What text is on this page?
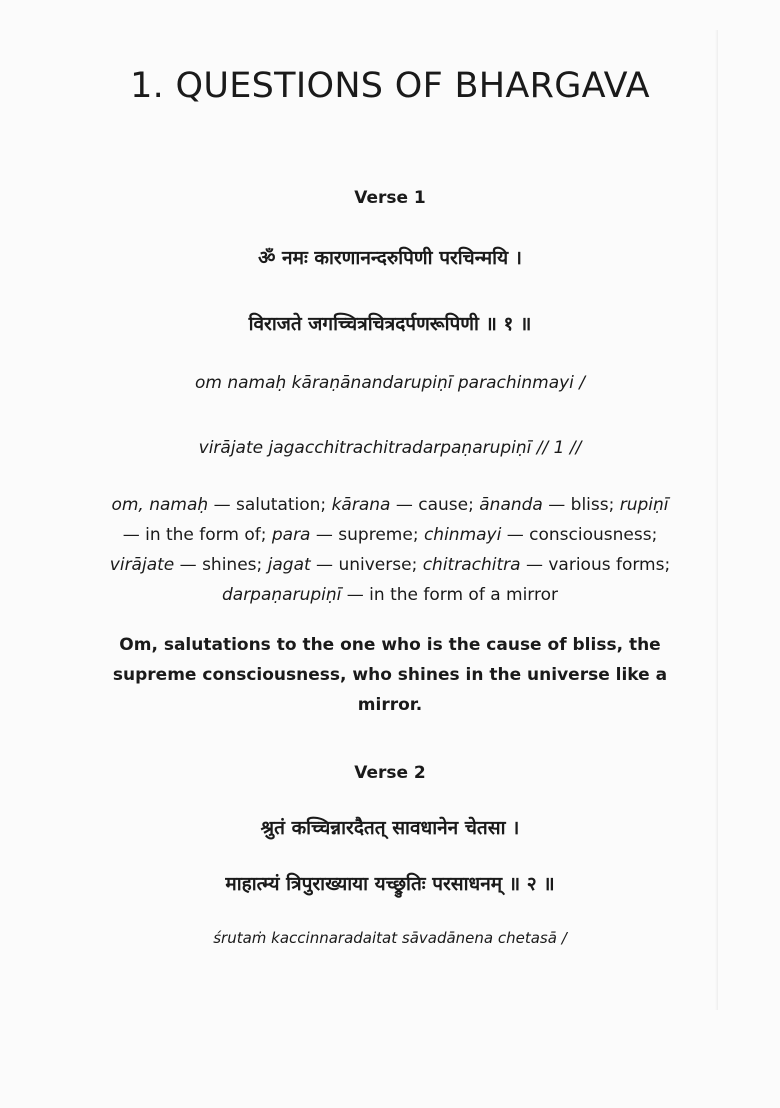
1. QUESTIONS OF BHARGAVA
Verse 1
ॐ नमः कारणानन्दरुपिणी परचिन्मयि ।
विराजते जगच्चित्रचित्रदर्पणरूपिणी ॥ १ ॥
om namaḥ kāraṇānandarupiṇī parachinmayi /
virājate jagacchitrachitradarpaṇarupiṇī // 1 //
om, namaḥ — salutation; kārana — cause; ānanda — bliss; rupiṇī
— in the form of; para — supreme; chinmayi — consciousness;
virājate — shines; jagat — universe; chitrachitra — various forms;
darpaṇarupiṇī — in the form of a mirror
Om, salutations to the one who is the cause of bliss, the
supreme consciousness, who shines in the universe like a mirror.
Verse 2
श्रुतं कच्चिन्नारदैतत् सावधानेन चेतसा ।
माहात्म्यं त्रिपुराख्याया यच्छ्रुतिः परसाधनम् ॥ २ ॥
śrutaṁ kaccinnaradaitat sāvadānena chetasā /
